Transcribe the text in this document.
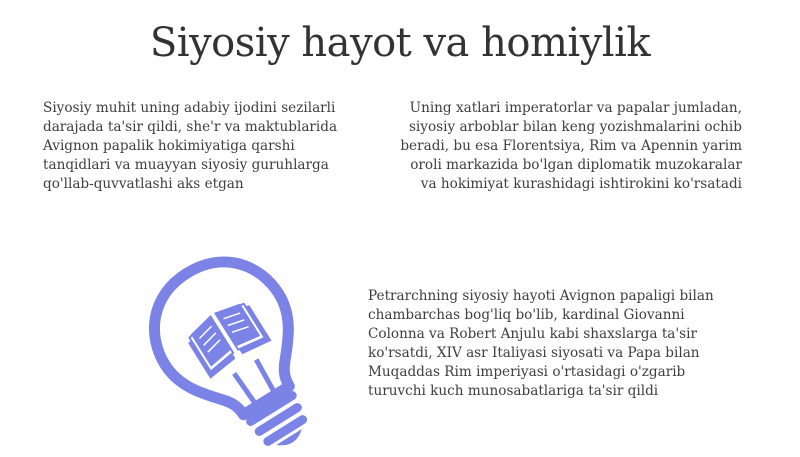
Siyosiy hayot va homiylik

Siyosiy muhit uning adabiy ijodini sezilarli
darajada ta'sir qildi, she'r va maktublarida
Avignon papalik hokimiyatiga qarshi
tanqidlari va muayyan siyosiy guruhlarga
qo'llab-quvvatlashi aks etgan

Uning xatlari imperatorlar va papalar jumladan,
siyosiy arboblar bilan keng yozishmalarini ochib
beradi, bu esa Florentsiya, Rim va Apennin yarim
oroli markazida bo'lgan diplomatik muzokaralar
va hokimiyat kurashidagi ishtirokini ko'rsatadi

Petrarchning siyosiy hayoti Avignon papaligi bilan
chambarchas bog'liq bo'lib, kardinal Giovanni
Colonna va Robert Anjulu kabi shaxslarga ta'sir
ko'rsatdi, XIV asr Italiyasi siyosati va Papa bilan
Muqaddas Rim imperiyasi o'rtasidagi o'zgarib
turuvchi kuch munosabatlariga ta'sir qildi
